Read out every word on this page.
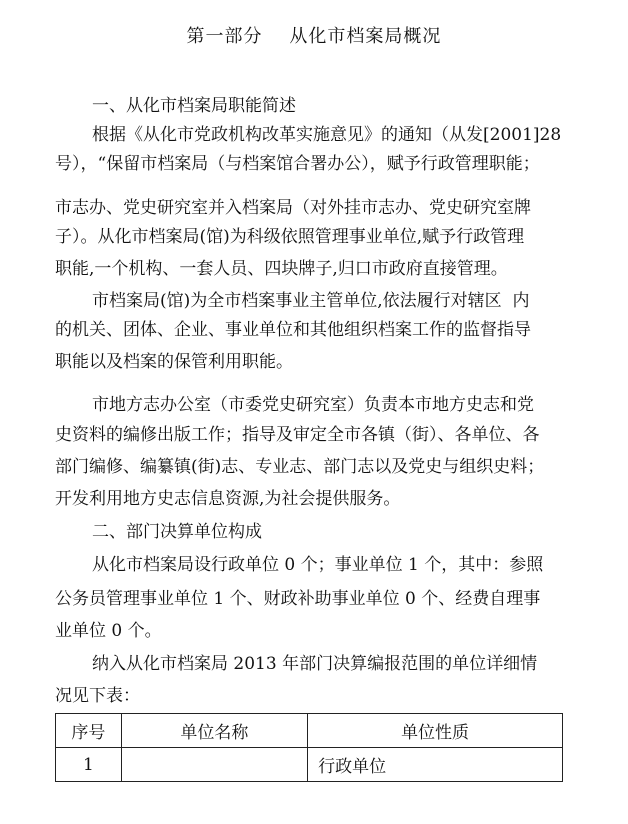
第一部分    从化市档案局概况
一、从化市档案局职能简述
根据《从化市党政机构改革实施意见》的通知（从发[2001]28
号），“保留市档案局（与档案馆合署办公），赋予行政管理职能；
市志办、党史研究室并入档案局（对外挂市志办、党史研究室牌
子）。从化市档案局(馆)为科级依照管理事业单位,赋予行政管理
职能,一个机构、一套人员、四块牌子,归口市政府直接管理。
市档案局(馆)为全市档案事业主管单位,依法履行对辖区  内
的机关、团体、企业、事业单位和其他组织档案工作的监督指导
职能以及档案的保管利用职能。
市地方志办公室（市委党史研究室）负责本市地方史志和党
史资料的编修出版工作；指导及审定全市各镇（街）、各单位、各
部门编修、编纂镇(街)志、专业志、部门志以及党史与组织史料；
开发利用地方史志信息资源,为社会提供服务。
二、部门决算单位构成
从化市档案局设行政单位 0 个；事业单位 1 个，其中：参照
公务员管理事业单位 1 个、财政补助事业单位 0 个、经费自理事
业单位 0 个。
纳入从化市档案局 2013 年部门决算编报范围的单位详细情
况见下表：
序号	单位名称	单位性质
1		行政单位
